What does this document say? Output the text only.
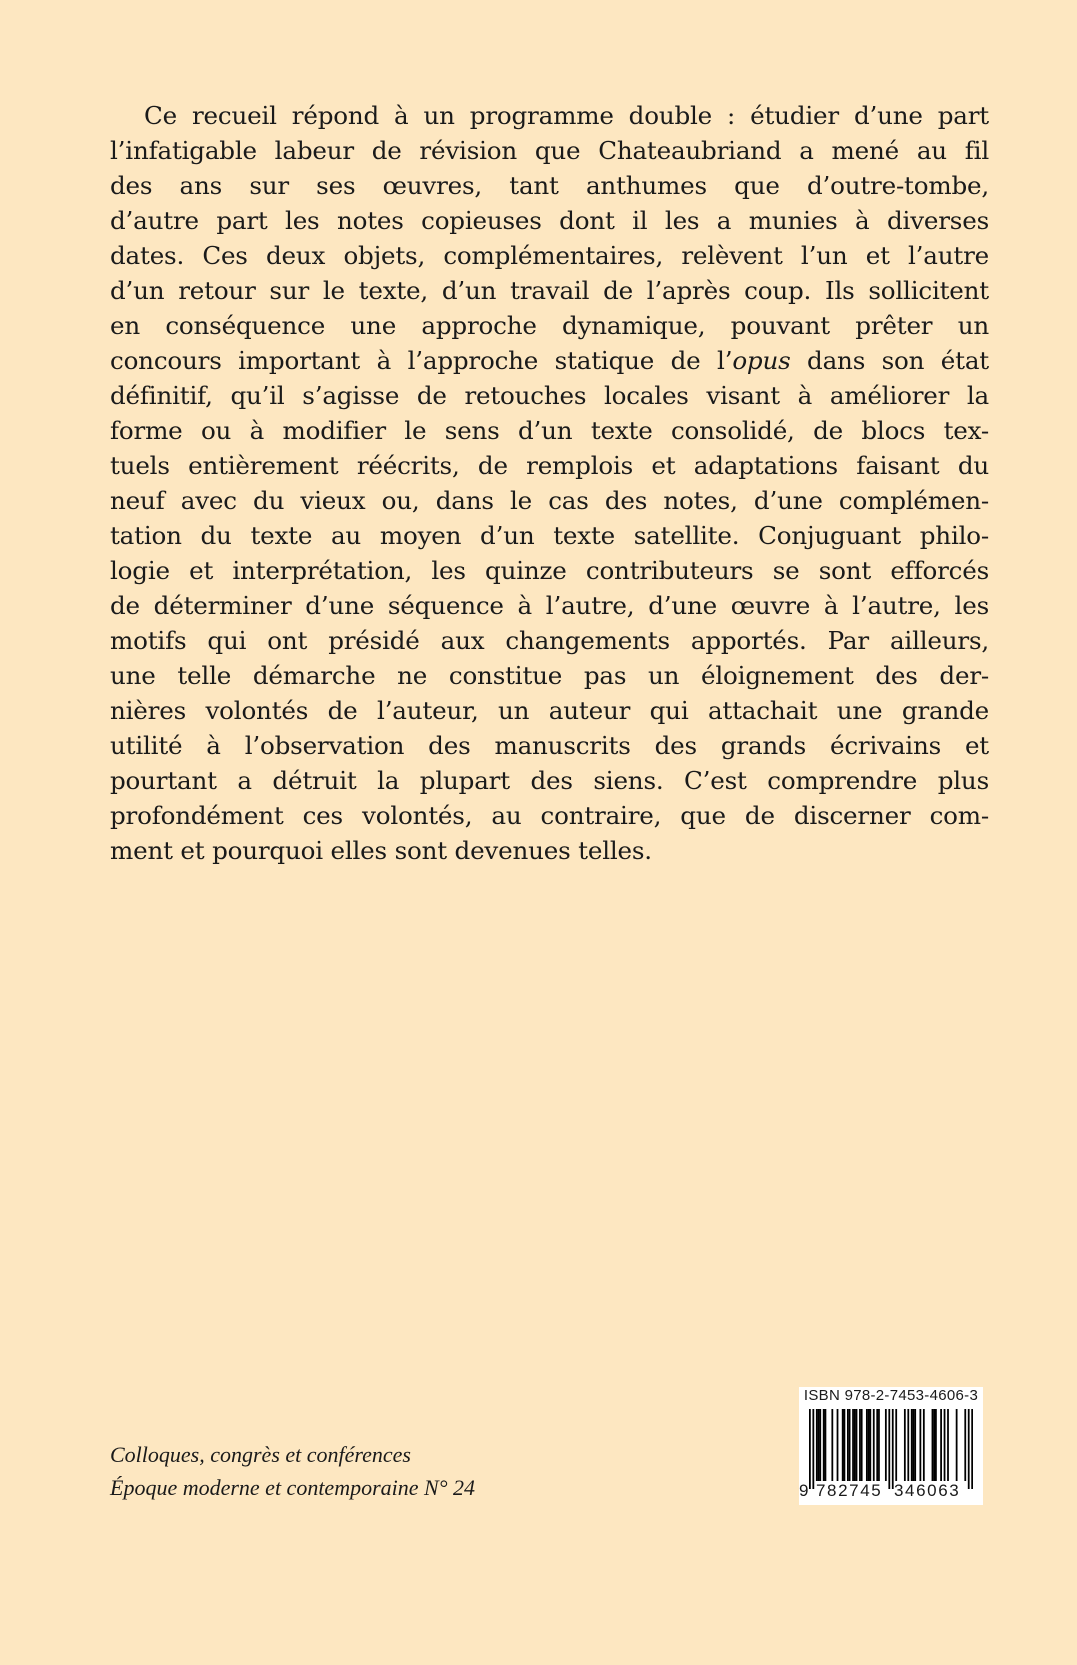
Ce recueil répond à un programme double : étudier d’une part
l’infatigable labeur de révision que Chateaubriand a mené au fil
des ans sur ses œuvres, tant anthumes que d’outre-tombe,
d’autre part les notes copieuses dont il les a munies à diverses
dates. Ces deux objets, complémentaires, relèvent l’un et l’autre
d’un retour sur le texte, d’un travail de l’après coup. Ils sollicitent
en conséquence une approche dynamique, pouvant prêter un
concours important à l’approche statique de l’opus dans son état
définitif, qu’il s’agisse de retouches locales visant à améliorer la
forme ou à modifier le sens d’un texte consolidé, de blocs tex-
tuels entièrement réécrits, de remplois et adaptations faisant du
neuf avec du vieux ou, dans le cas des notes, d’une complémen-
tation du texte au moyen d’un texte satellite. Conjuguant philo-
logie et interprétation, les quinze contributeurs se sont efforcés
de déterminer d’une séquence à l’autre, d’une œuvre à l’autre, les
motifs qui ont présidé aux changements apportés. Par ailleurs,
une telle démarche ne constitue pas un éloignement des der-
nières volontés de l’auteur, un auteur qui attachait une grande
utilité à l’observation des manuscrits des grands écrivains et
pourtant a détruit la plupart des siens. C’est comprendre plus
profondément ces volontés, au contraire, que de discerner com-
ment et pourquoi elles sont devenues telles.
Colloques, congrès et conférences
Époque moderne et contemporaine N° 24
ISBN 978-2-7453-4606-3
9 782745 346063
